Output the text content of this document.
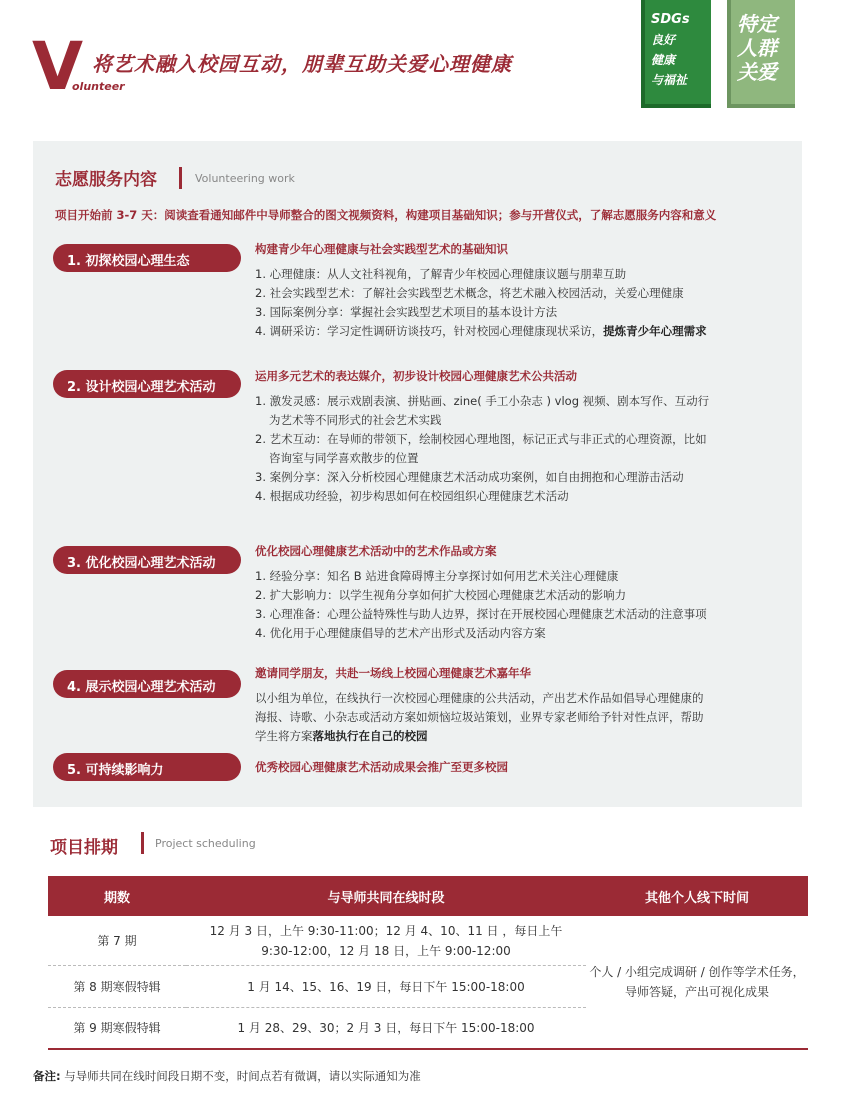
V
olunteer
将艺术融入校园互动，朋辈互助关爱心理健康
SDGs
良好
健康
与福祉
特定
人群
关爱
志愿服务内容	Volunteering work
项目开始前 3-7 天：阅读查看通知邮件中导师整合的图文视频资料，构建项目基础知识；参与开营仪式，了解志愿服务内容和意义
1. 初探校园心理生态
构建青少年心理健康与社会实践型艺术的基础知识
1. 心理健康：从人文社科视角，了解青少年校园心理健康议题与朋辈互助
2. 社会实践型艺术：了解社会实践型艺术概念，将艺术融入校园活动，关爱心理健康
3. 国际案例分享：掌握社会实践型艺术项目的基本设计方法
4. 调研采访：学习定性调研访谈技巧，针对校园心理健康现状采访，提炼青少年心理需求
2. 设计校园心理艺术活动
运用多元艺术的表达媒介，初步设计校园心理健康艺术公共活动
1. 激发灵感：展示戏剧表演、拼贴画、zine( 手工小杂志 ) vlog 视频、剧本写作、互动行
为艺术等不同形式的社会艺术实践
2. 艺术互动：在导师的带领下，绘制校园心理地图，标记正式与非正式的心理资源，比如
咨询室与同学喜欢散步的位置
3. 案例分享：深入分析校园心理健康艺术活动成功案例，如自由拥抱和心理游击活动
4. 根据成功经验，初步构思如何在校园组织心理健康艺术活动
3. 优化校园心理艺术活动
优化校园心理健康艺术活动中的艺术作品或方案
1. 经验分享：知名 B 站进食障碍博主分享探讨如何用艺术关注心理健康
2. 扩大影响力：以学生视角分享如何扩大校园心理健康艺术活动的影响力
3. 心理准备：心理公益特殊性与助人边界，探讨在开展校园心理健康艺术活动的注意事项
4. 优化用于心理健康倡导的艺术产出形式及活动内容方案
4. 展示校园心理艺术活动
邀请同学朋友，共赴一场线上校园心理健康艺术嘉年华
以小组为单位，在线执行一次校园心理健康的公共活动，产出艺术作品如倡导心理健康的
海报、诗歌、小杂志或活动方案如烦恼垃圾站策划，业界专家老师给予针对性点评，帮助
学生将方案落地执行在自己的校园
5. 可持续影响力	优秀校园心理健康艺术活动成果会推广至更多校园
项目排期	Project scheduling
期数	与导师共同在线时段	其他个人线下时间
第 7 期
12 月 3 日，上午 9:30-11:00；12 月 4、10、11 日 ，每日上午
9:30-12:00，12 月 18 日，上午 9:00-12:00
第 8 期寒假特辑	1 月 14、15、16、19 日，每日下午 15:00-18:00
第 9 期寒假特辑	1 月 28、29、30；2 月 3 日，每日下午 15:00-18:00
个人 / 小组完成调研 / 创作等学术任务，
导师答疑，产出可视化成果
备注: 与导师共同在线时间段日期不变，时间点若有微调，请以实际通知为准
